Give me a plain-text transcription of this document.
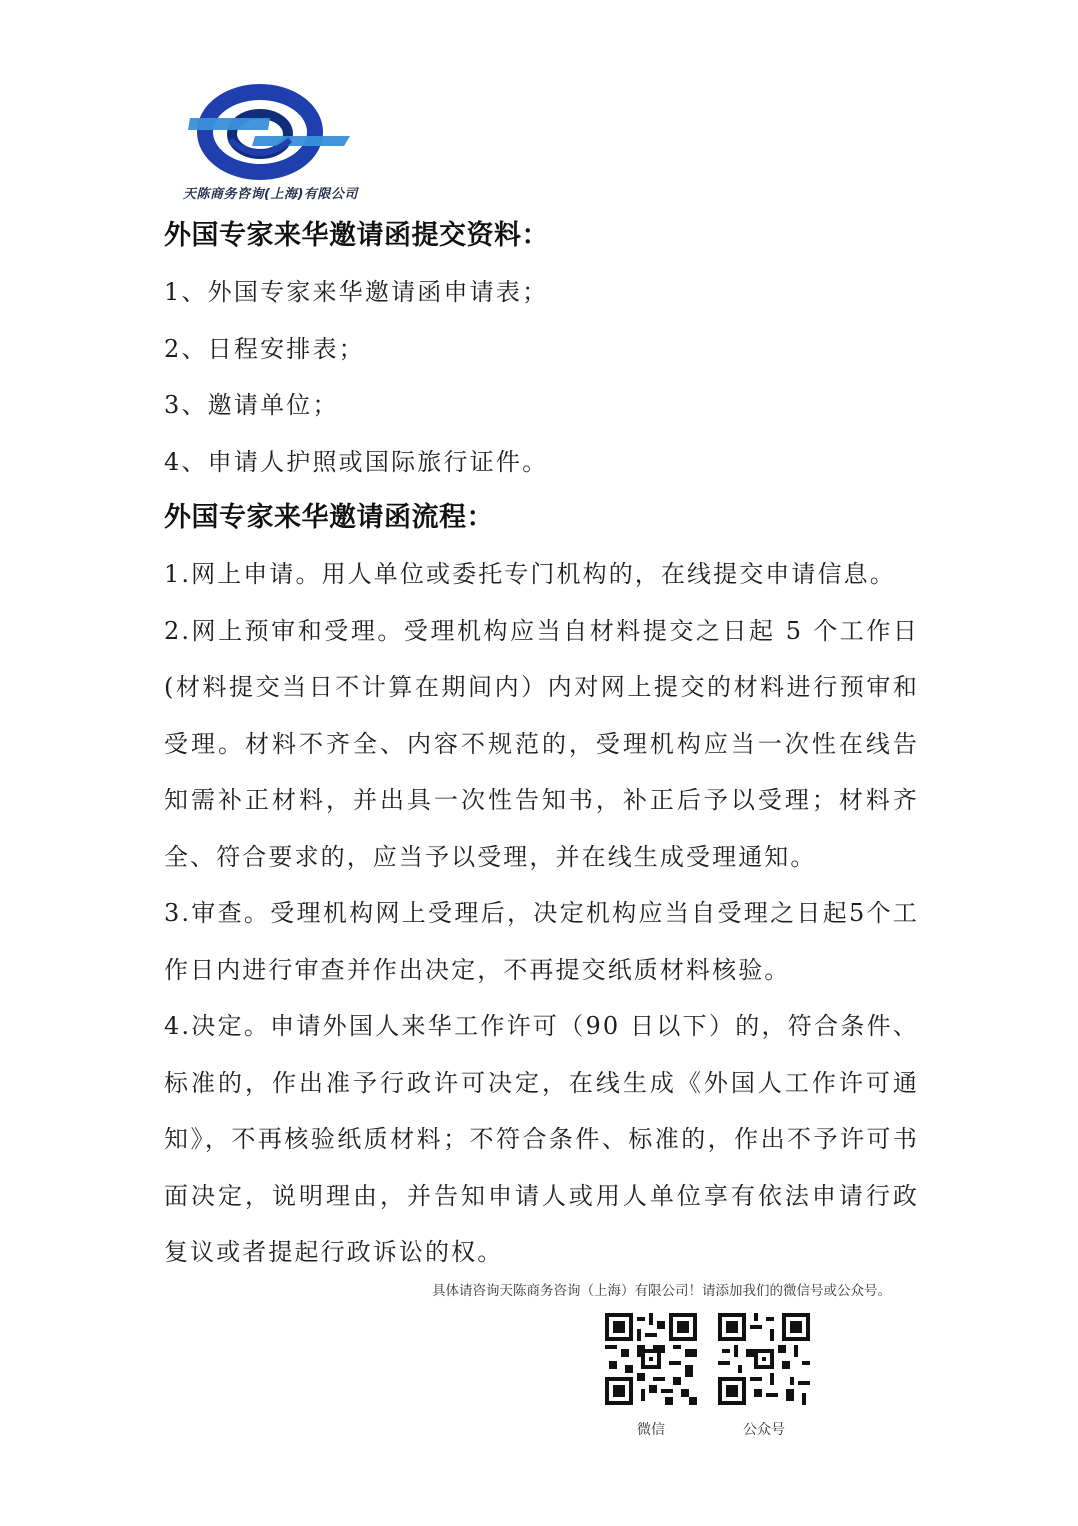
天陈商务咨询(上海)有限公司
外国专家来华邀请函提交资料：
1、外国专家来华邀请函申请表；
2、日程安排表；
3、邀请单位；
4、申请人护照或国际旅行证件。
外国专家来华邀请函流程：
1.网上申请。用人单位或委托专门机构的，在线提交申请信息。
2.网上预审和受理。受理机构应当自材料提交之日起 5 个工作日(材料提交当日不计算在期间内）内对网上提交的材料进行预审和受理。材料不齐全、内容不规范的，受理机构应当一次性在线告知需补正材料，并出具一次性告知书，补正后予以受理；材料齐全、符合要求的，应当予以受理，并在线生成受理通知。
3.审查。受理机构网上受理后，决定机构应当自受理之日起5个工作日内进行审查并作出决定，不再提交纸质材料核验。
4.决定。申请外国人来华工作许可（90 日以下）的，符合条件、标准的，作出准予行政许可决定，在线生成《外国人工作许可通知》，不再核验纸质材料；不符合条件、标准的，作出不予许可书面决定，说明理由，并告知申请人或用人单位享有依法申请行政复议或者提起行政诉讼的权。
具体请咨询天陈商务咨询（上海）有限公司！请添加我们的微信号或公众号。
微信	公众号
